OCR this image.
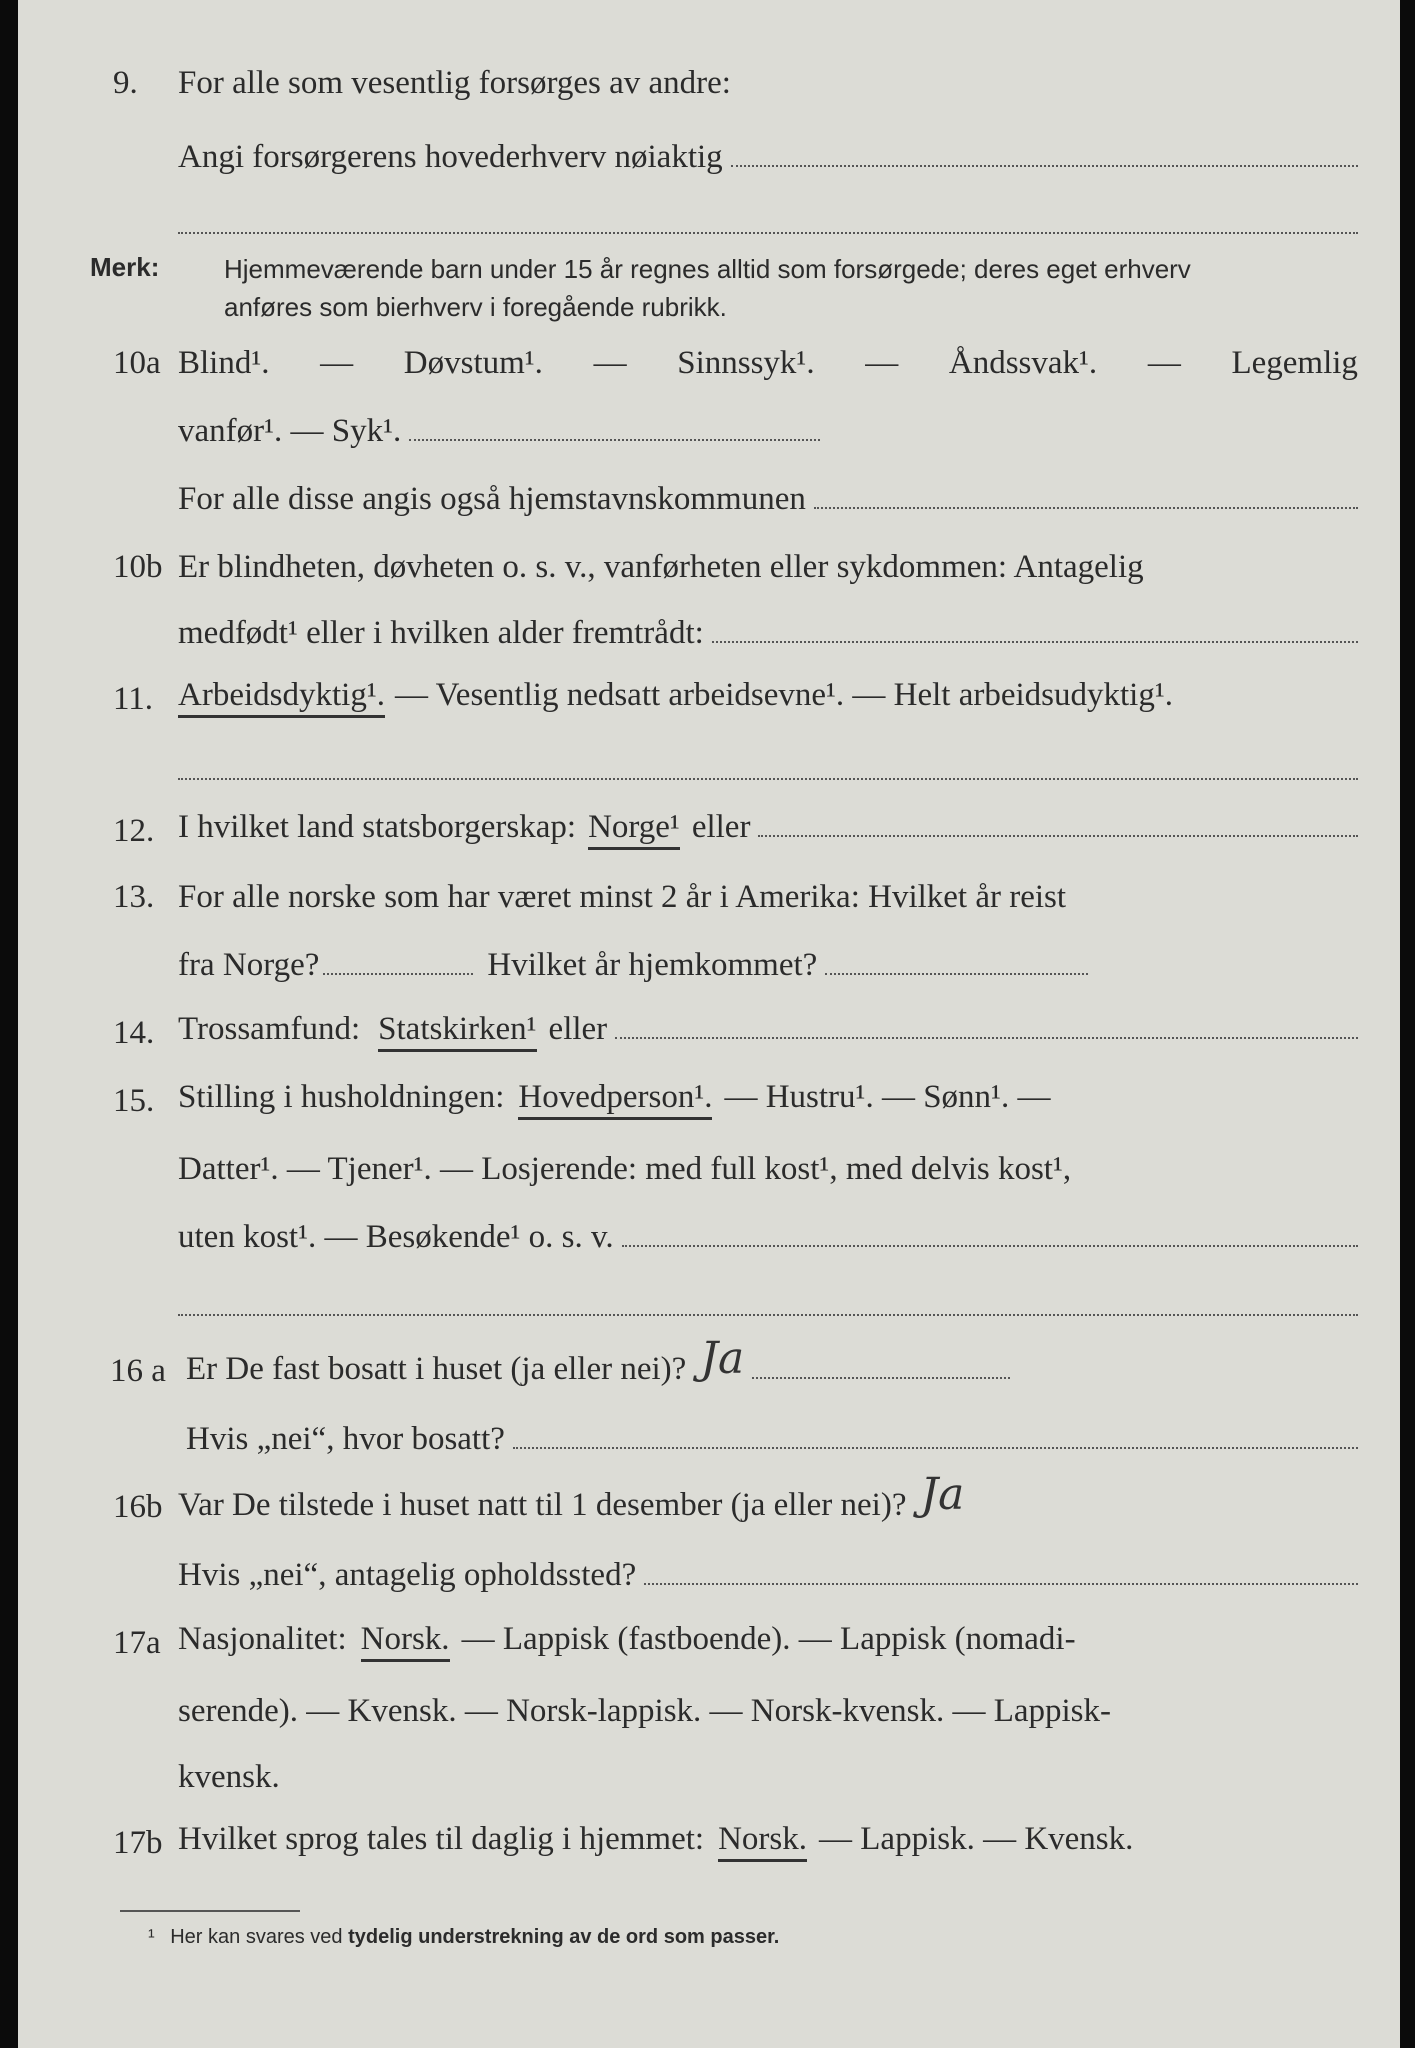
9. For alle som vesentlig forsørges av andre:
Angi forsørgerens hovederhverv nøiaktig
Merk: Hjemmeværende barn under 15 år regnes alltid som forsørgede; deres eget erhverv
anføres som bierhverv i foregående rubrikk.
10a Blind¹. — Døvstum¹. — Sinnssyk¹. — Åndssvak¹. — Legemlig
vanfør¹. — Syk¹.
For alle disse angis også hjemstavnskommunen
10b Er blindheten, døvheten o. s. v., vanførheten eller sykdommen: Antagelig
medfødt¹ eller i hvilken alder fremtrådt:
11. Arbeidsdyktig¹. — Vesentlig nedsatt arbeidsevne¹. — Helt arbeidsudyktig¹.
12. I hvilket land statsborgerskap: Norge¹ eller
13. For alle norske som har været minst 2 år i Amerika: Hvilket år reist
fra Norge?	Hvilket år hjemkommet?
14. Trossamfund: Statskirken¹ eller
15. Stilling i husholdningen: Hovedperson¹. — Hustru¹. — Sønn¹. —
Datter¹. — Tjener¹. — Losjerende: med full kost¹, med delvis kost¹,
uten kost¹. — Besøkende¹ o. s. v.
16 a Er De fast bosatt i huset (ja eller nei)? Ja
Hvis „nei“, hvor bosatt?
16b Var De tilstede i huset natt til 1 desember (ja eller nei)? Ja
Hvis „nei“, antagelig opholdssted?
17a Nasjonalitet: Norsk. — Lappisk (fastboende). — Lappisk (nomadi-
serende). — Kvensk. — Norsk-lappisk. — Norsk-kvensk. — Lappisk-
kvensk.
17b Hvilket sprog tales til daglig i hjemmet: Norsk. — Lappisk. — Kvensk.
¹ Her kan svares ved tydelig understrekning av de ord som passer.
